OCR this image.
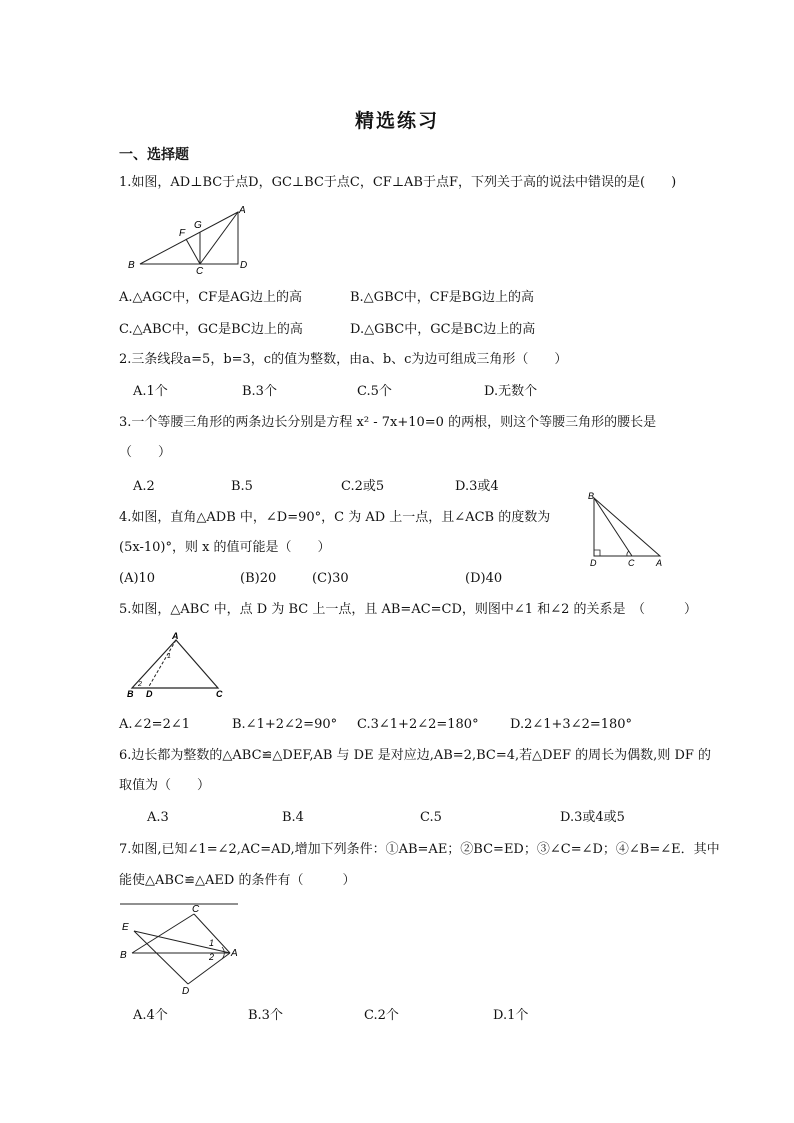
精选练习
一、选择题
1.如图，AD⊥BC于点D，GC⊥BC于点C，CF⊥AB于点F，下列关于高的说法中错误的是(　　)
A
G
F
B
C
D
A.△AGC中，CF是AG边上的高	B.△GBC中，CF是BG边上的高
C.△ABC中，GC是BC边上的高	D.△GBC中，GC是BC边上的高
2.三条线段a=5，b=3，c的值为整数，由a、b、c为边可组成三角形（　　）
A.1个	B.3个	C.5个	D.无数个
3.一个等腰三角形的两条边长分别是方程 x² - 7x+10=0 的两根，则这个等腰三角形的腰长是
（　　）
A.2	B.5	C.2或5	D.3或4
4.如图，直角△ADB 中，∠D=90°，C 为 AD 上一点，且∠ACB 的度数为
(5x-10)°，则 x 的值可能是（　　）
B
D	C A
(A)10	(B)20	(C)30	(D)40
5.如图，△ABC 中，点 D 为 BC 上一点，且 AB=AC=CD，则图中∠1 和∠2 的关系是　（　　　）
A
B D	C
1
2
A.∠2=2∠1	B.∠1+2∠2=90° C.3∠1+2∠2=180° D.2∠1+3∠2=180°
6.边长都为整数的△ABC≌△DEF,AB 与 DE 是对应边,AB=2,BC=4,若△DEF 的周长为偶数,则 DF 的
取值为（　　）
A.3	B.4	C.5	D.3或4或5
7.如图,已知∠1=∠2,AC=AD,增加下列条件：①AB=AE；②BC=ED；③∠C=∠D；④∠B=∠E．其中
能使△ABC≌△AED 的条件有（　　　）
C
E
B	A
D
1
2
A.4个	B.3个	C.2个	D.1个
